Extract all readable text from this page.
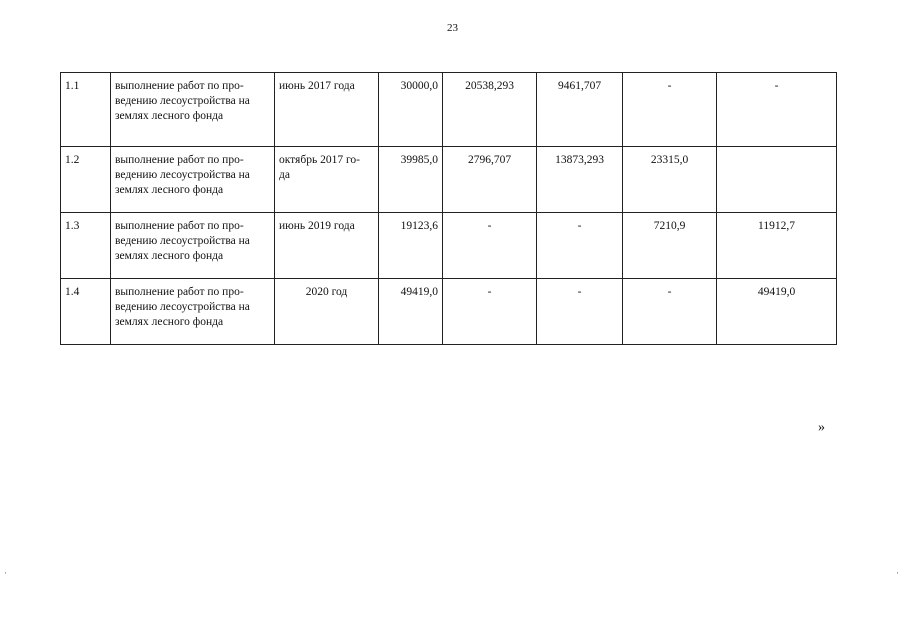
23
1.1	выполнение работ по про-
ведению лесоустройства на
землях лесного фонда	июнь 2017 года	30000,0	20538,293	9461,707	-	-
1.2	выполнение работ по про-
ведению лесоустройства на
землях лесного фонда	октябрь 2017 го-
да	39985,0	2796,707	13873,293	23315,0	
1.3	выполнение работ по про-
ведению лесоустройства на
землях лесного фонда	июнь 2019 года	19123,6	-	-	7210,9	11912,7
1.4	выполнение работ по про-
ведению лесоустройства на
землях лесного фонда	2020 год	49419,0	-	-	-	49419,0
»
·	·
